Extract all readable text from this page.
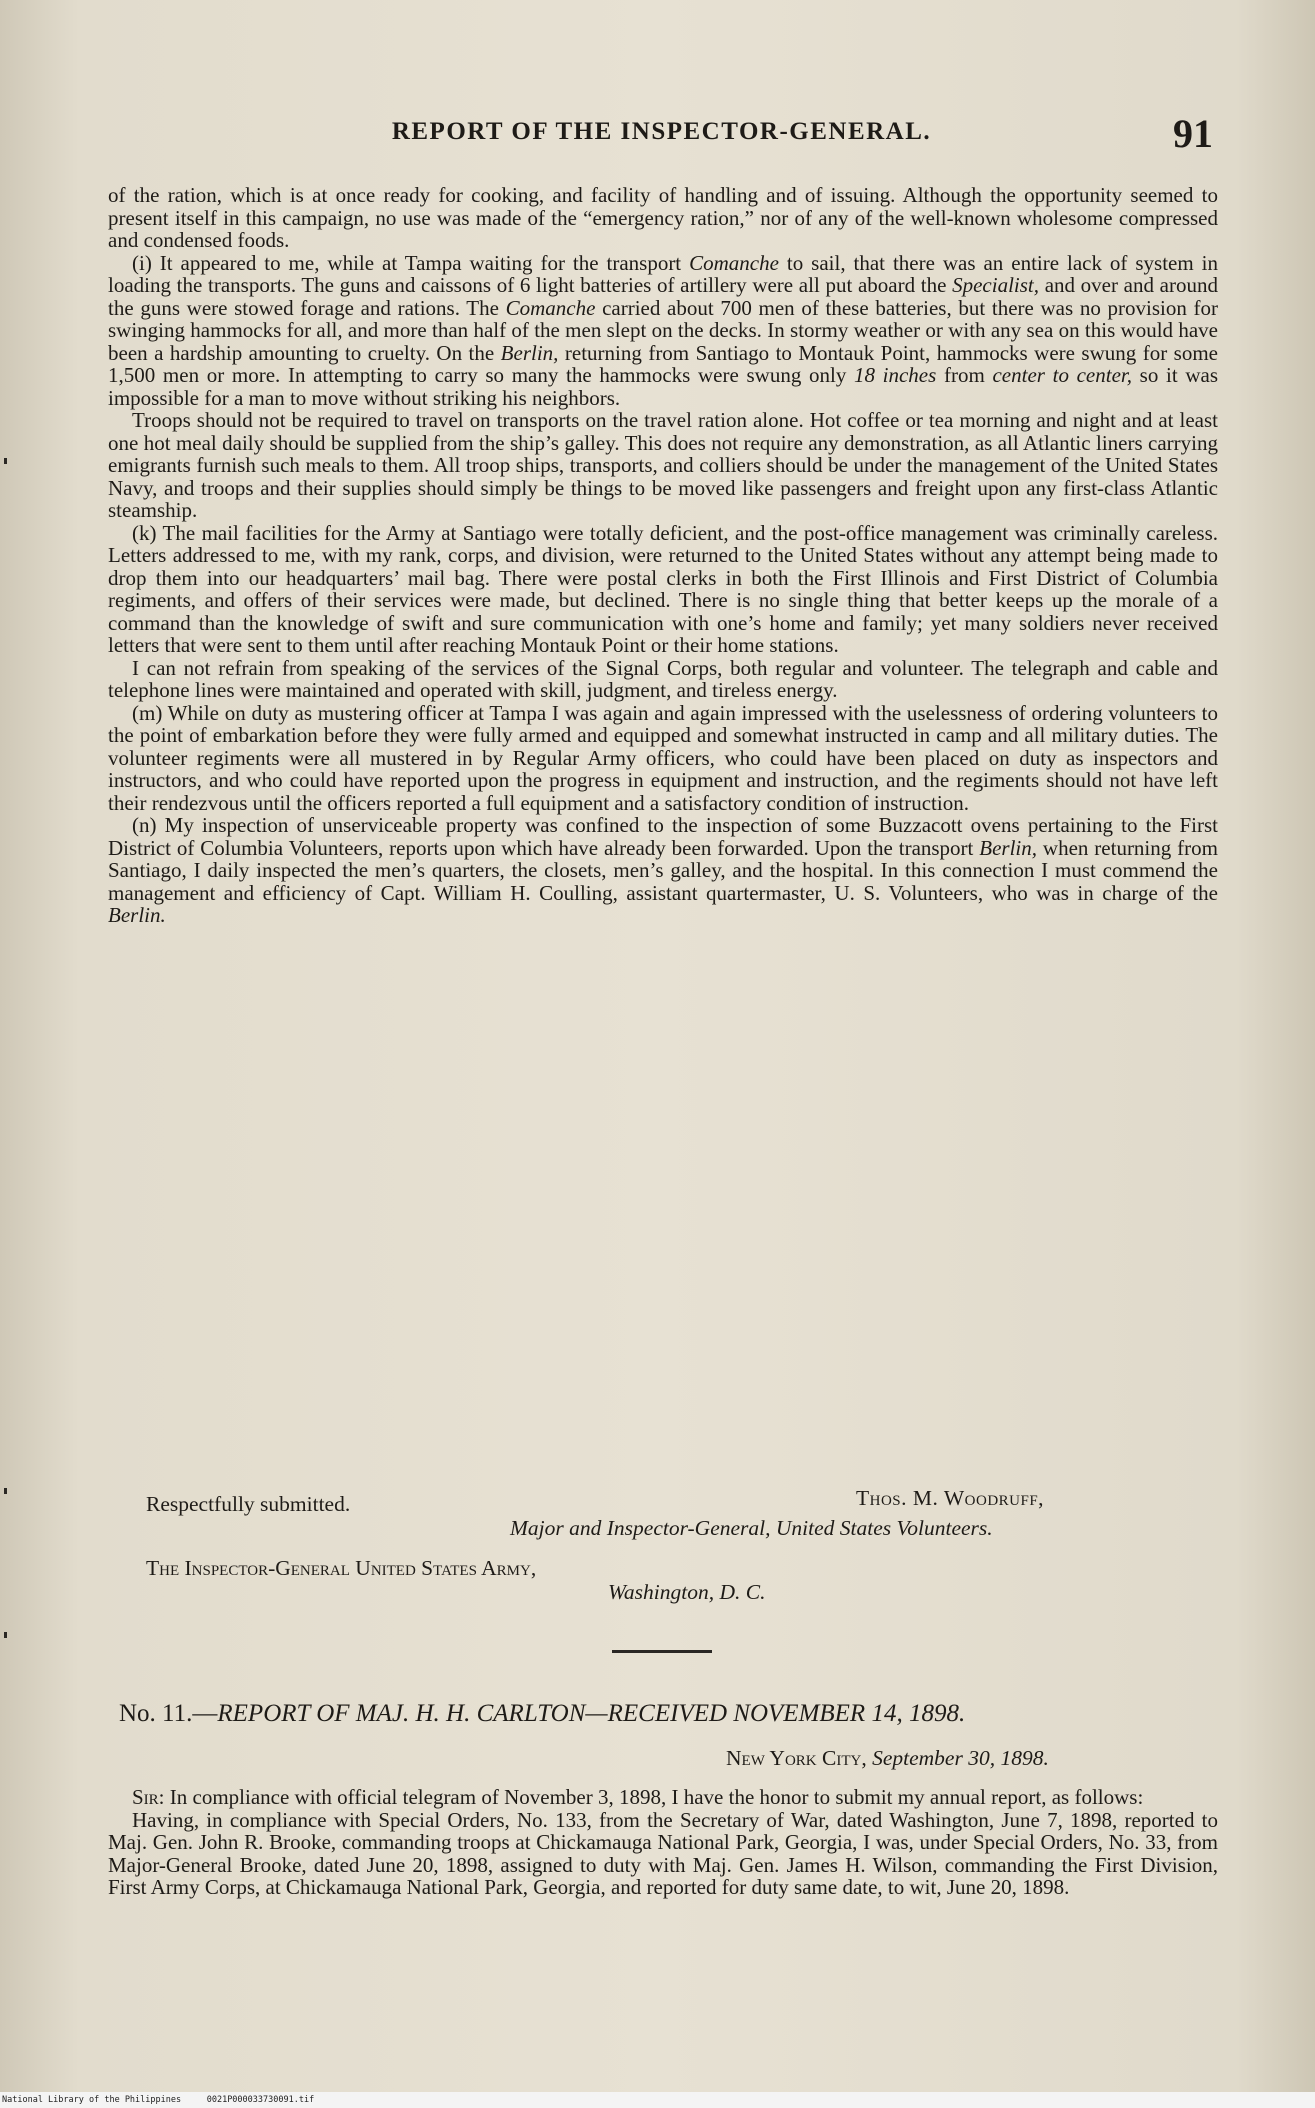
REPORT OF THE INSPECTOR-GENERAL.	91

of the ration, which is at once ready for cooking, and facility of handling and of issuing. Although the opportunity seemed to present itself in this campaign, no use was made of the “emergency ration,” nor of any of the well-known wholesome compressed and condensed foods.

(i) It appeared to me, while at Tampa waiting for the transport Comanche to sail, that there was an entire lack of system in loading the transports. The guns and caissons of 6 light batteries of artillery were all put aboard the Specialist, and over and around the guns were stowed forage and rations. The Comanche carried about 700 men of these batteries, but there was no provision for swinging hammocks for all, and more than half of the men slept on the decks. In stormy weather or with any sea on this would have been a hardship amounting to cruelty. On the Berlin, returning from Santiago to Montauk Point, hammocks were swung for some 1,500 men or more. In attempting to carry so many the hammocks were swung only 18 inches from center to center, so it was impossible for a man to move without striking his neighbors.

Troops should not be required to travel on transports on the travel ration alone. Hot coffee or tea morning and night and at least one hot meal daily should be supplied from the ship’s galley. This does not require any demonstration, as all Atlantic liners carrying emigrants furnish such meals to them. All troop ships, transports, and colliers should be under the management of the United States Navy, and troops and their supplies should simply be things to be moved like passengers and freight upon any first-class Atlantic steamship.

(k) The mail facilities for the Army at Santiago were totally deficient, and the post-office management was criminally careless. Letters addressed to me, with my rank, corps, and division, were returned to the United States without any attempt being made to drop them into our headquarters’ mail bag. There were postal clerks in both the First Illinois and First District of Columbia regiments, and offers of their services were made, but declined. There is no single thing that better keeps up the morale of a command than the knowledge of swift and sure communication with one’s home and family; yet many soldiers never received letters that were sent to them until after reaching Montauk Point or their home stations.

I can not refrain from speaking of the services of the Signal Corps, both regular and volunteer. The telegraph and cable and telephone lines were maintained and operated with skill, judgment, and tireless energy.

(m) While on duty as mustering officer at Tampa I was again and again impressed with the uselessness of ordering volunteers to the point of embarkation before they were fully armed and equipped and somewhat instructed in camp and all military duties. The volunteer regiments were all mustered in by Regular Army officers, who could have been placed on duty as inspectors and instructors, and who could have reported upon the progress in equipment and instruction, and the regiments should not have left their rendezvous until the officers reported a full equipment and a satisfactory condition of instruction.

(n) My inspection of unserviceable property was confined to the inspection of some Buzzacott ovens pertaining to the First District of Columbia Volunteers, reports upon which have already been forwarded. Upon the transport Berlin, when returning from Santiago, I daily inspected the men’s quarters, the closets, men’s galley, and the hospital. In this connection I must commend the management and efficiency of Capt. William H. Coulling, assistant quartermaster, U. S. Volunteers, who was in charge of the Berlin.

Respectfully submitted.	Thos. M. Woodruff,
Major and Inspector-General, United States Volunteers.
The Inspector-General United States Army,
Washington, D. C.
No. 11.—REPORT OF MAJ. H. H. CARLTON—RECEIVED NOVEMBER 14, 1898.
New York City, September 30, 1898.

Sir: In compliance with official telegram of November 3, 1898, I have the honor to submit my annual report, as follows:

Having, in compliance with Special Orders, No. 133, from the Secretary of War, dated Washington, June 7, 1898, reported to Maj. Gen. John R. Brooke, commanding troops at Chickamauga National Park, Georgia, I was, under Special Orders, No. 33, from Major-General Brooke, dated June 20, 1898, assigned to duty with Maj. Gen. James H. Wilson, commanding the First Division, First Army Corps, at Chickamauga National Park, Georgia, and reported for duty same date, to wit, June 20, 1898.

National Library of the Philippines	0021P000033730091.tif
